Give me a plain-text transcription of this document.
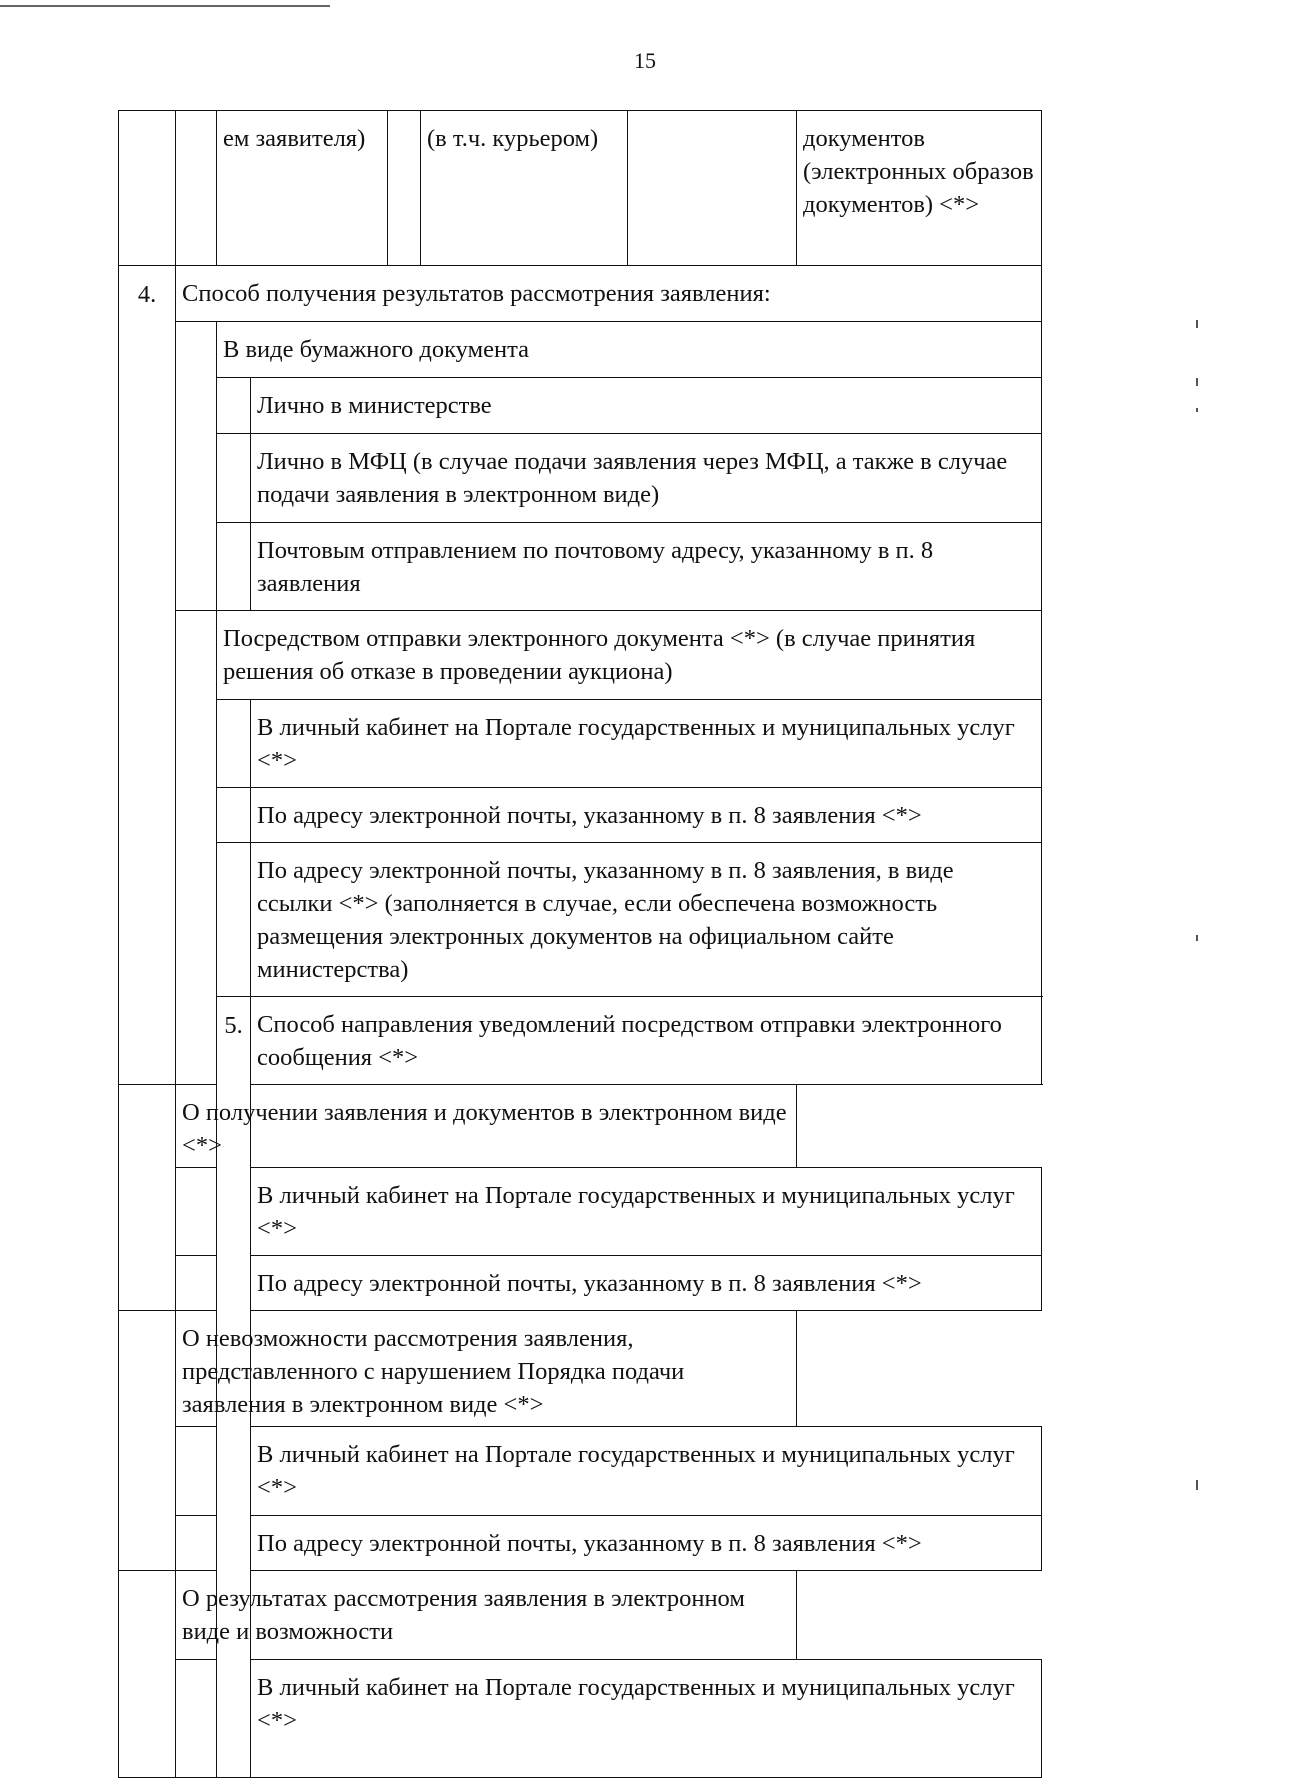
15

		ем заявителя)			(в т.ч. курьером)		документов (электронных образов документов) <*>

4.	Способ получения результатов рассмотрения заявления:						

		В виде бумажного документа					

			Лично в министерстве				

			Лично в МФЦ (в случае подачи заявления через МФЦ, а также в случае подачи заявления в электронном виде)				

			Почтовым отправлением по почтовому адресу, указанному в п. 8 заявления				

		Посредством отправки электронного документа <*> (в случае принятия решения об отказе в проведении аукциона)					

			В личный кабинет на Портале государственных и муниципальных услуг <*>				

			По адресу электронной почты, указанному в п. 8 заявления <*>				

			По адресу электронной почты, указанному в п. 8 заявления, в виде ссылки <*> (заполняется в случае, если обеспечена возможность размещения электронных документов на официальном сайте министерства)				

		5.	Способ направления уведомлений посредством отправки электронного сообщения <*>				

	О получении заявления и документов в электронном виде <*>						

			В личный кабинет на Портале государственных и муниципальных услуг <*>				

			По адресу электронной почты, указанному в п. 8 заявления <*>				

	О невозможности рассмотрения заявления, представленного с нарушением Порядка подачи заявления в электронном виде <*>						

			В личный кабинет на Портале государственных и муниципальных услуг <*>				

			По адресу электронной почты, указанному в п. 8 заявления <*>				

	О результатах рассмотрения заявления в электронном виде и возможности						

			В личный кабинет на Портале государственных и муниципальных услуг <*>				
